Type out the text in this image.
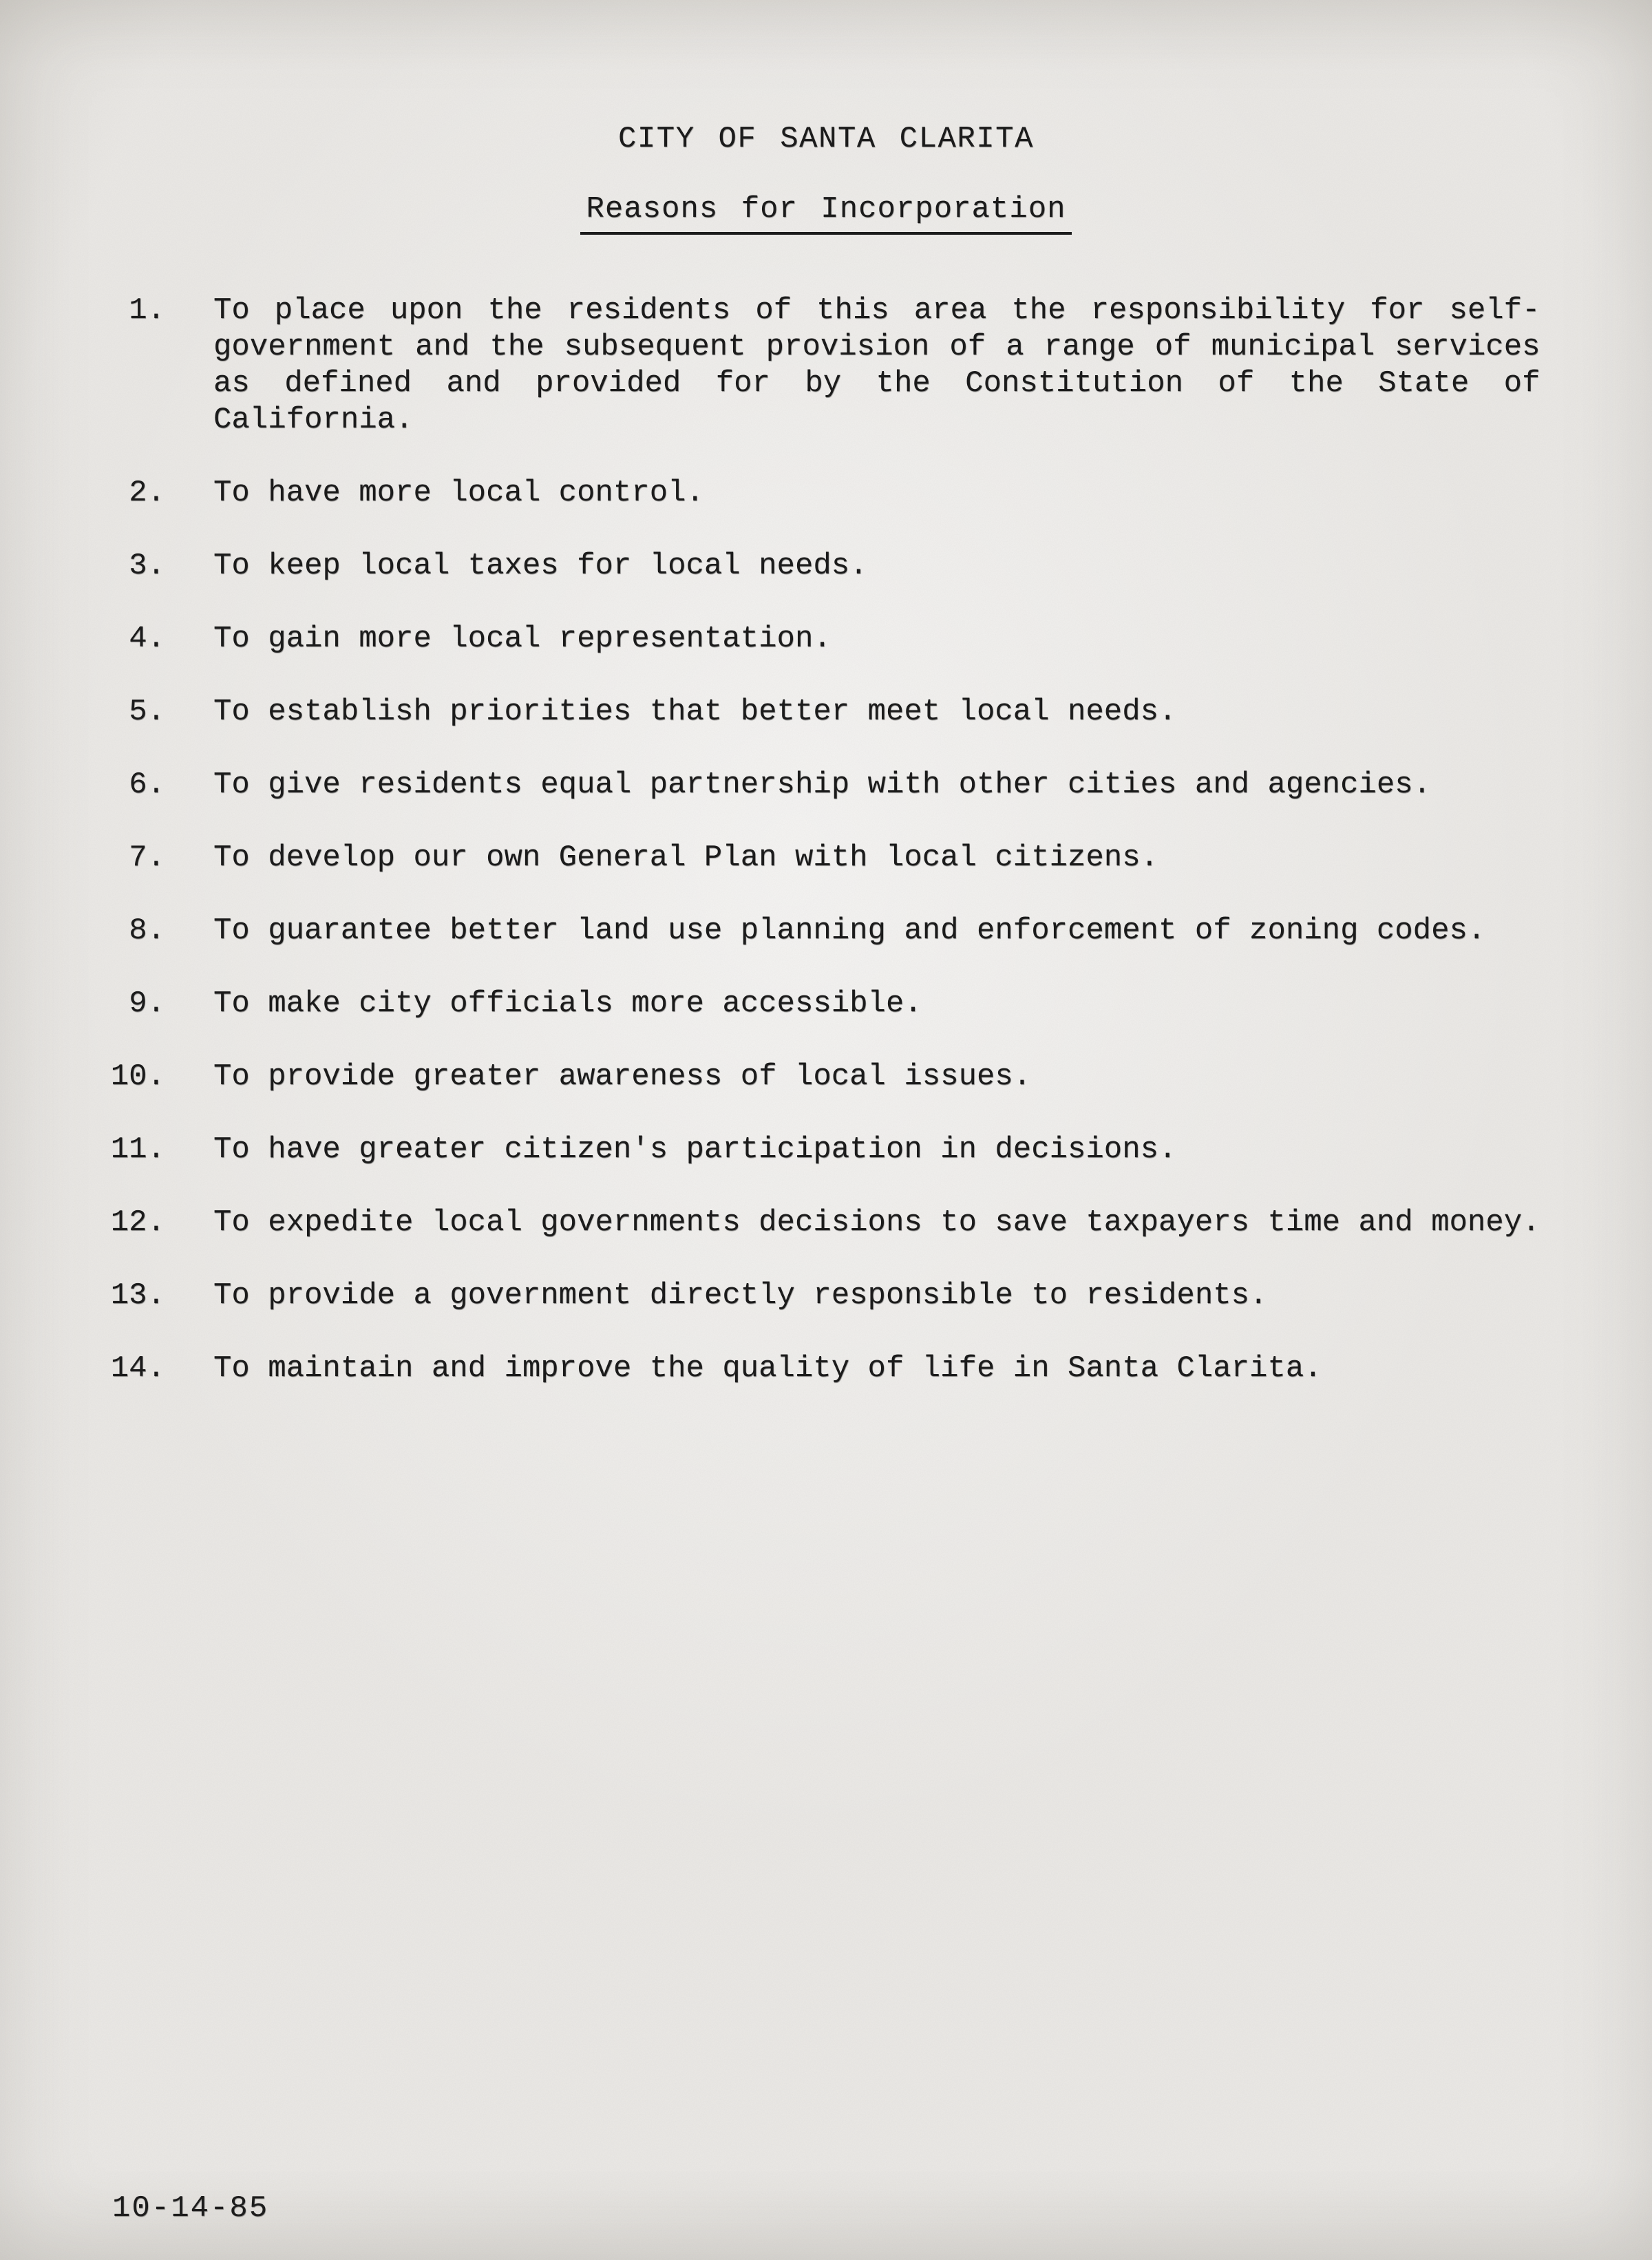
CITY OF SANTA CLARITA
Reasons for Incorporation
1. To place upon the residents of this area the responsibility for self-government and the subsequent provision of a range of municipal services as defined and provided for by the Constitution of the State of California.
2. To have more local control.
3. To keep local taxes for local needs.
4. To gain more local representation.
5. To establish priorities that better meet local needs.
6. To give residents equal partnership with other cities and agencies.
7. To develop our own General Plan with local citizens.
8. To guarantee better land use planning and enforcement of zoning codes.
9. To make city officials more accessible.
10. To provide greater awareness of local issues.
11. To have greater citizen's participation in decisions.
12. To expedite local governments decisions to save taxpayers time and money.
13. To provide a government directly responsible to residents.
14. To maintain and improve the quality of life in Santa Clarita.
10-14-85
